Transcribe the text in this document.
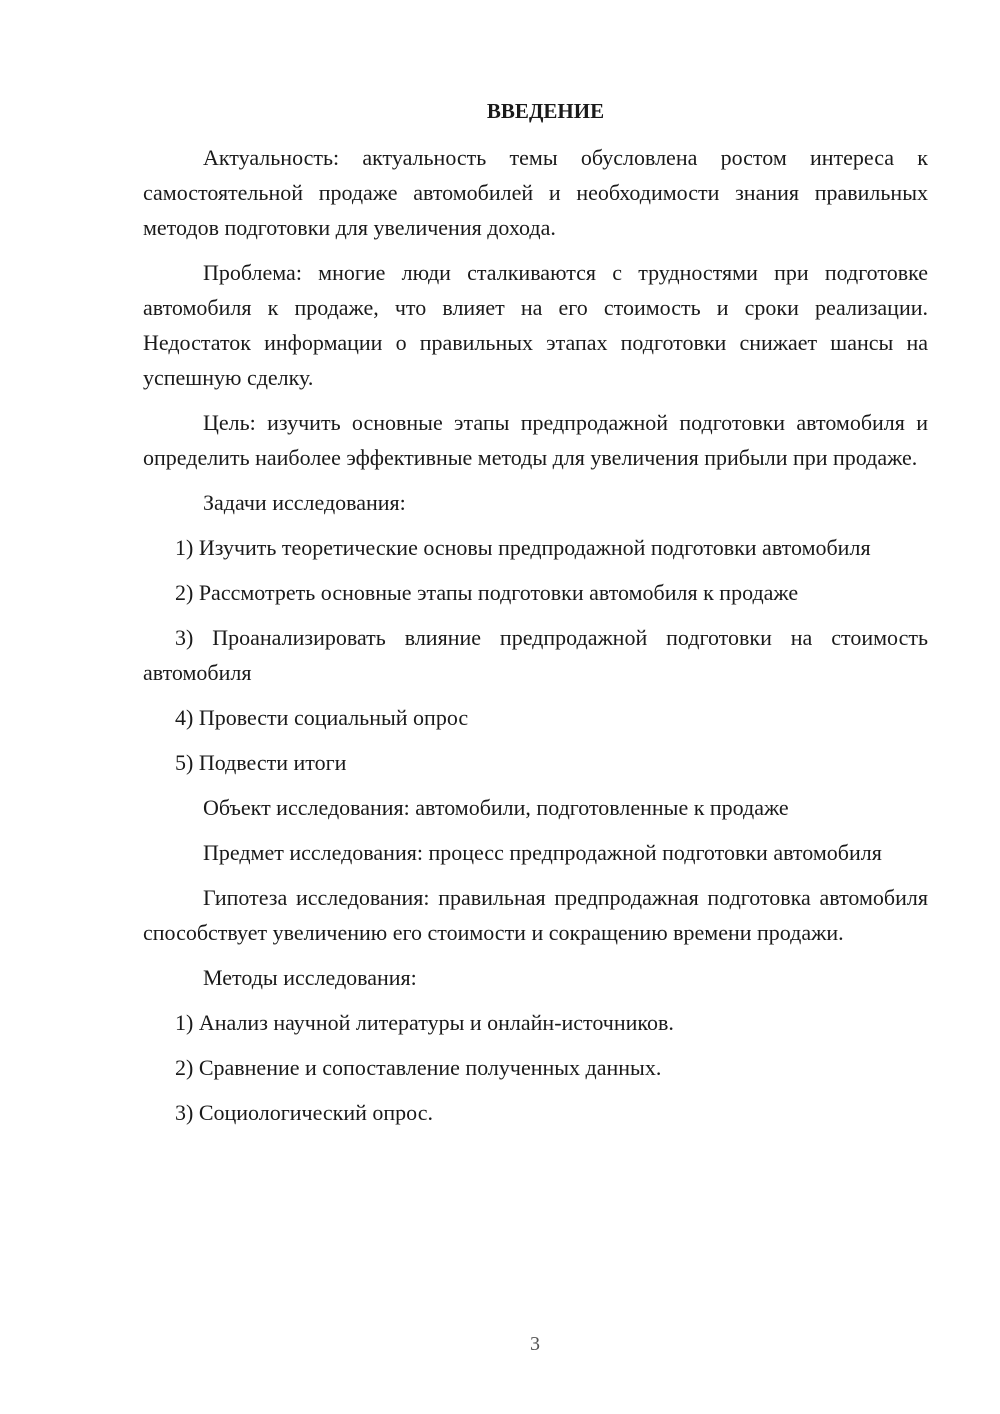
ВВЕДЕНИЕ

Актуальность: актуальность темы обусловлена ростом интереса к самостоятельной продаже автомобилей и необходимости знания правильных методов подготовки для увеличения дохода.

Проблема: многие люди сталкиваются с трудностями при подготовке автомобиля к продаже, что влияет на его стоимость и сроки реализации. Недостаток информации о правильных этапах подготовки снижает шансы на успешную сделку.

Цель: изучить основные этапы предпродажной подготовки автомобиля и определить наиболее эффективные методы для увеличения прибыли при продаже.

Задачи исследования:

1) Изучить теоретические основы предпродажной подготовки автомобиля

2) Рассмотреть основные этапы подготовки автомобиля к продаже

3) Проанализировать влияние предпродажной подготовки на стоимость автомобиля

4) Провести социальный опрос

5) Подвести итоги

Объект исследования: автомобили, подготовленные к продаже

Предмет исследования: процесс предпродажной подготовки автомобиля

Гипотеза исследования: правильная предпродажная подготовка автомобиля способствует увеличению его стоимости и сокращению времени продажи.

Методы исследования:

1) Анализ научной литературы и онлайн-источников.

2) Сравнение и сопоставление полученных данных.

3) Социологический опрос.

3
